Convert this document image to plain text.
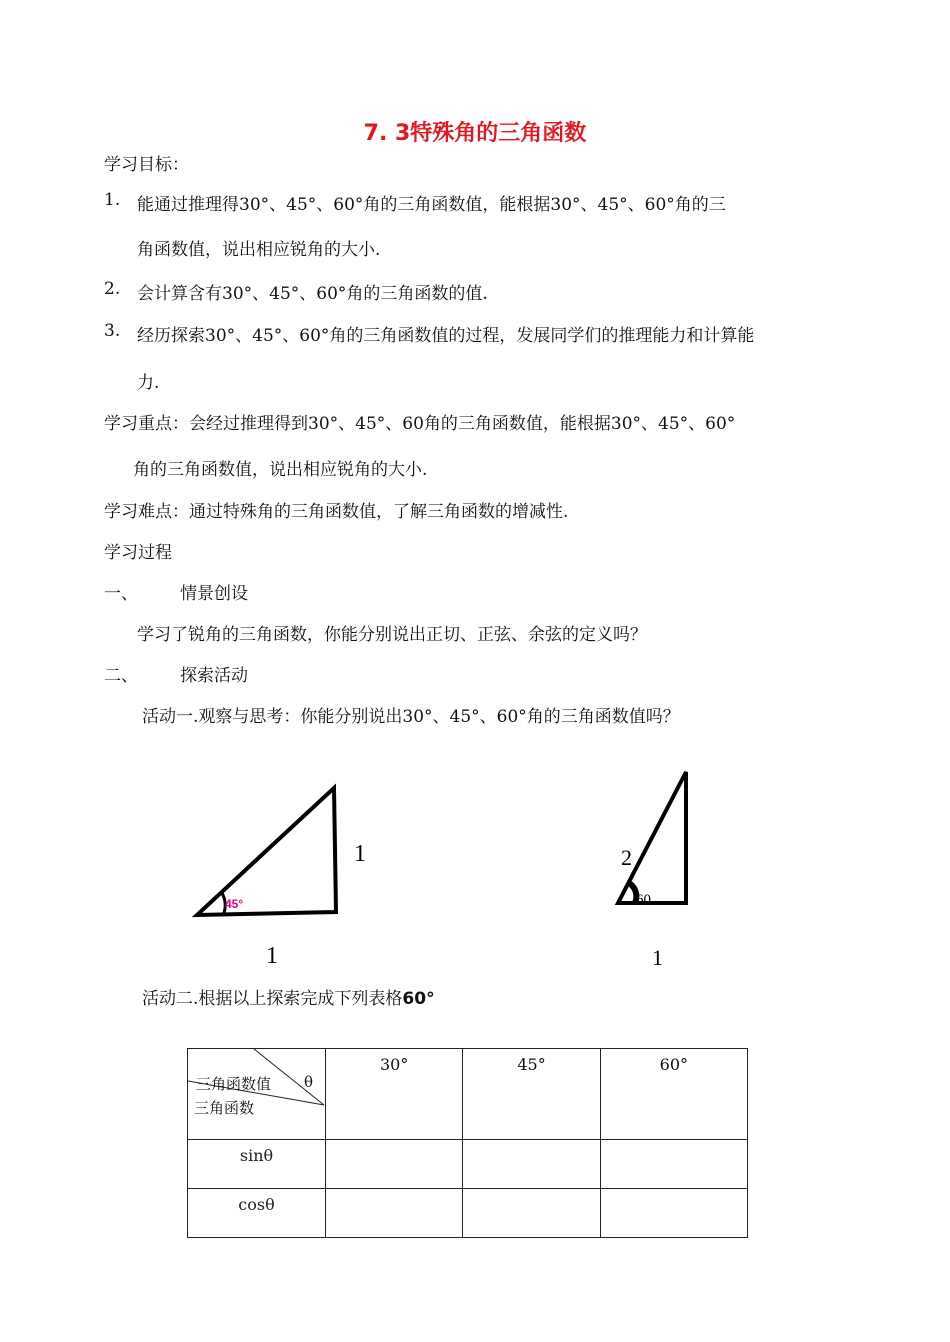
7. 3特殊角的三角函数
学习目标：
1. 能通过推理得30°、45°、60°角的三角函数值，能根据30°、45°、60°角的三
角函数值，说出相应锐角的大小.
2. 会计算含有30°、45°、60°角的三角函数的值.
3. 经历探索30°、45°、60°角的三角函数值的过程，发展同学们的推理能力和计算能
力.
学习重点：会经过推理得到30°、45°、60角的三角函数值，能根据30°、45°、60°
角的三角函数值，说出相应锐角的大小.
学习难点：通过特殊角的三角函数值，了解三角函数的增减性.
学习过程
一、 情景创设
学习了锐角的三角函数，你能分别说出正切、正弦、余弦的定义吗？
二、 探索活动
活动一.观察与思考：你能分别说出30°、45°、60°角的三角函数值吗？
45°
1
1
2
60
1
活动二.根据以上探索完成下列表格60°
三角函数值 θ
三角函数	30°	45°	60°
sinθ			
cosθ			
